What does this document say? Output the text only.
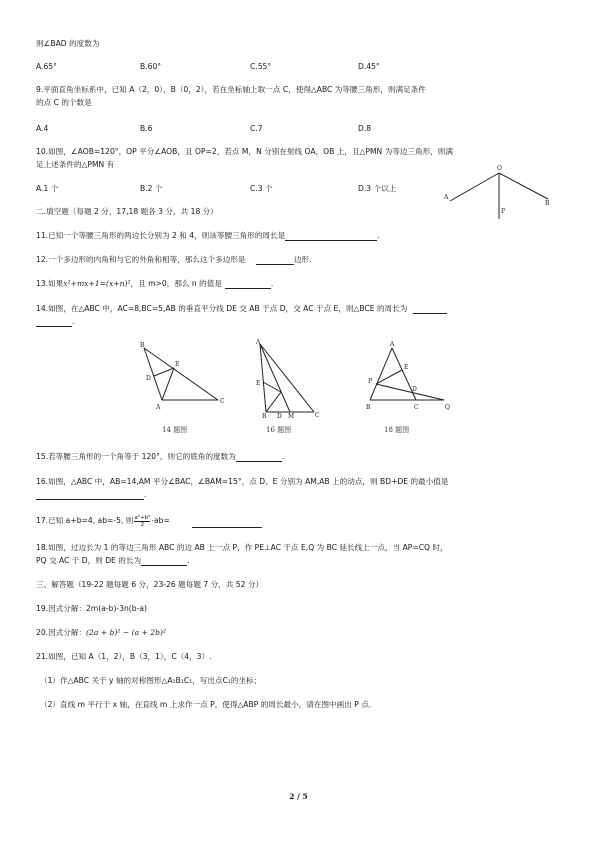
则∠BAD 的度数为
A.65°	B.60°	C.55°	D.45°
9.平面直角坐标系中，已知 A（2，0），B（0，2），若在坐标轴上取一点 C，使得△ABC 为等腰三角形，则满足条件
的点 C 的个数是
A.4	B.6	C.7	D.8
10.如图，∠AOB=120°，OP 平分∠AOB，且 OP=2，若点 M，N 分别在射线 OA，OB 上，且△PMN 为等边三角形，则满
足上述条件的△PMN 有
A.1 个	B.2 个	C.3 个	D.3 个以上
A
O
B
P
二.填空题（每题 2 分，17,18 题各 3 分，共 18 分）
11.已知一个等腰三角形的两边长分别为 2 和 4，则该等腰三角形的周长是	.
12.一个多边形的内角和与它的外角和相等，那么这个多边形是	边形.
13.如果x²+mx+1=(x+n)²，且 m>0，那么 n 的值是	.
14.如图，在△ABC 中，AC=8,BC=5,AB 的垂直平分线 DE 交 AB 于点 D，交 AC 于点 E，则△BCE 的周长为
.
B
A
C
E
D
14 题图
A
E
B D M	C
16 题图
A
P
E
B
D
C	Q
18 题图
15.若等腰三角形的一个角等于 120°，则它的底角的度数为	.
16.如图，△ABC 中，AB=14,AM 平分∠BAC，∠BAM=15°，点 D、E 分别为 AM,AB 上的动点，则 BD+DE 的最小值是
.
17.已知 a+b=4, ab=-5, 则 $\frac{\text{a²+b²}}{2} -ab=$
18.如图，过边长为 1 的等边三角形 ABC 的边 AB 上一点 P，作 PE⊥AC 于点 E,Q 为 BC 延长线上一点，当 AP=CQ 时，
PQ 交 AC 于 D，则 DE 的长为	.
三、解答题（19-22 题每题 6 分，23-26 题每题 7 分，共 52 分）
19.因式分解：2m(a-b)-3n(b-a)
20.因式分解：(2a + b)² − (a + 2b)²
21.如图，已知 A（1，2），B（3，1），C（4，3）.
（1）作△ABC 关于 y 轴的对称图形△A₁B₁C₁，写出点C₁的坐标；
（2）直线 m 平行于 x 轴，在直线 m 上求作一点 P，使得△ABP 的周长最小，请在图中画出 P 点.
2 / 5
